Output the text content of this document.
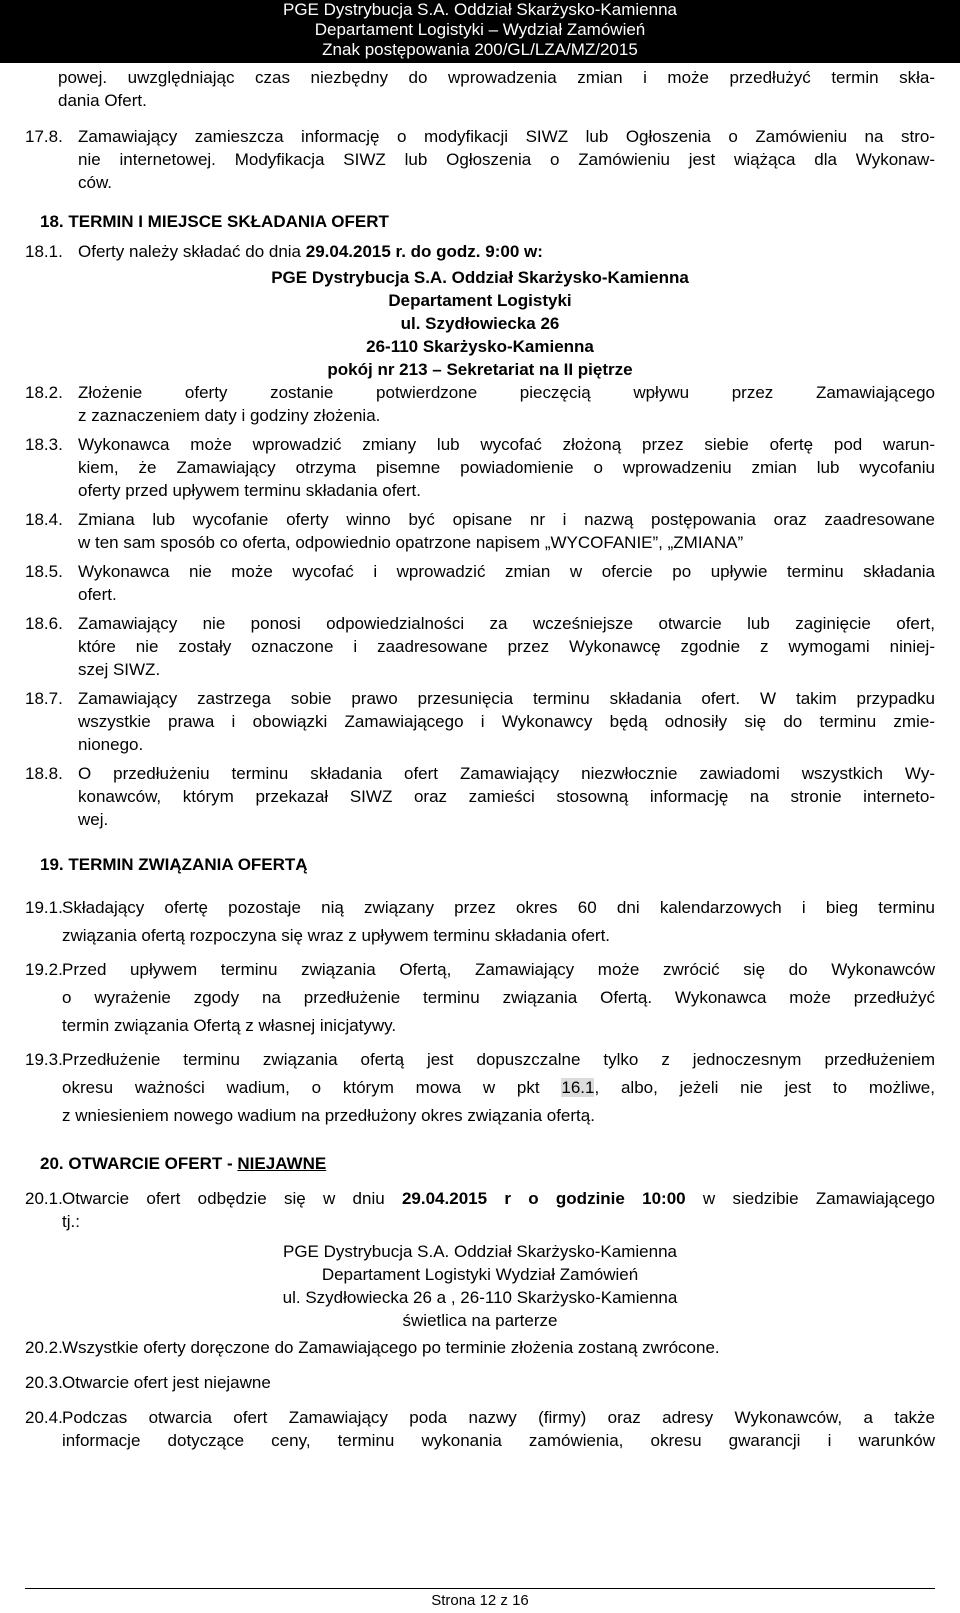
PGE Dystrybucja S.A. Oddział Skarżysko-Kamienna
Departament Logistyki – Wydział Zamówień
Znak postępowania 200/GL/LZA/MZ/2015
powej. uwzględniając czas niezbędny do wprowadzenia zmian i może przedłużyć termin skła-
dania Ofert.
17.8. Zamawiający zamieszcza informację o modyfikacji SIWZ lub Ogłoszenia o Zamówieniu na stro-
nie internetowej. Modyfikacja SIWZ lub Ogłoszenia o Zamówieniu jest wiążąca dla Wykonaw-
ców.
18. TERMIN I MIEJSCE SKŁADANIA OFERT
18.1. Oferty należy składać do dnia 29.04.2015 r. do godz. 9:00 w:
PGE Dystrybucja S.A. Oddział Skarżysko-Kamienna
Departament Logistyki
ul. Szydłowiecka 26
26-110 Skarżysko-Kamienna
pokój nr 213 – Sekretariat na II piętrze
18.2. Złożenie oferty zostanie potwierdzone pieczęcią wpływu przez Zamawiającego
z zaznaczeniem daty i godziny złożenia.
18.3. Wykonawca może wprowadzić zmiany lub wycofać złożoną przez siebie ofertę pod warun-
kiem, że Zamawiający otrzyma pisemne powiadomienie o wprowadzeniu zmian lub wycofaniu
oferty przed upływem terminu składania ofert.
18.4. Zmiana lub wycofanie oferty winno być opisane nr i nazwą postępowania oraz zaadresowane
w ten sam sposób co oferta, odpowiednio opatrzone napisem „WYCOFANIE”, „ZMIANA”
18.5. Wykonawca nie może wycofać i wprowadzić zmian w ofercie po upływie terminu składania
ofert.
18.6. Zamawiający nie ponosi odpowiedzialności za wcześniejsze otwarcie lub zaginięcie ofert,
które nie zostały oznaczone i zaadresowane przez Wykonawcę zgodnie z wymogami niniej-
szej SIWZ.
18.7. Zamawiający zastrzega sobie prawo przesunięcia terminu składania ofert. W takim przypadku
wszystkie prawa i obowiązki Zamawiającego i Wykonawcy będą odnosiły się do terminu zmie-
nionego.
18.8. O przedłużeniu terminu składania ofert Zamawiający niezwłocznie zawiadomi wszystkich Wy-
konawców, którym przekazał SIWZ oraz zamieści stosowną informację na stronie interneto-
wej.
19. TERMIN ZWIĄZANIA OFERTĄ
19.1. Składający ofertę pozostaje nią związany przez okres 60 dni kalendarzowych i bieg terminu
związania ofertą rozpoczyna się wraz z upływem terminu składania ofert.
19.2. Przed upływem terminu związania Ofertą, Zamawiający może zwrócić się do Wykonawców
o wyrażenie zgody na przedłużenie terminu związania Ofertą. Wykonawca może przedłużyć
termin związania Ofertą z własnej inicjatywy.
19.3. Przedłużenie terminu związania ofertą jest dopuszczalne tylko z jednoczesnym przedłużeniem
okresu ważności wadium, o którym mowa w pkt 16.1, albo, jeżeli nie jest to możliwe,
z wniesieniem nowego wadium na przedłużony okres związania ofertą.
20. OTWARCIE OFERT - NIEJAWNE
20.1. Otwarcie ofert odbędzie się w dniu 29.04.2015 r o godzinie 10:00 w siedzibie Zamawiającego
tj.:
PGE Dystrybucja S.A. Oddział Skarżysko-Kamienna
Departament Logistyki Wydział Zamówień
ul. Szydłowiecka 26 a , 26-110 Skarżysko-Kamienna
świetlica na parterze
20.2. Wszystkie oferty doręczone do Zamawiającego po terminie złożenia zostaną zwrócone.
20.3. Otwarcie ofert jest niejawne
20.4. Podczas otwarcia ofert Zamawiający poda nazwy (firmy) oraz adresy Wykonawców, a także
informacje dotyczące ceny, terminu wykonania zamówienia, okresu gwarancji i warunków
Strona 12 z 16
